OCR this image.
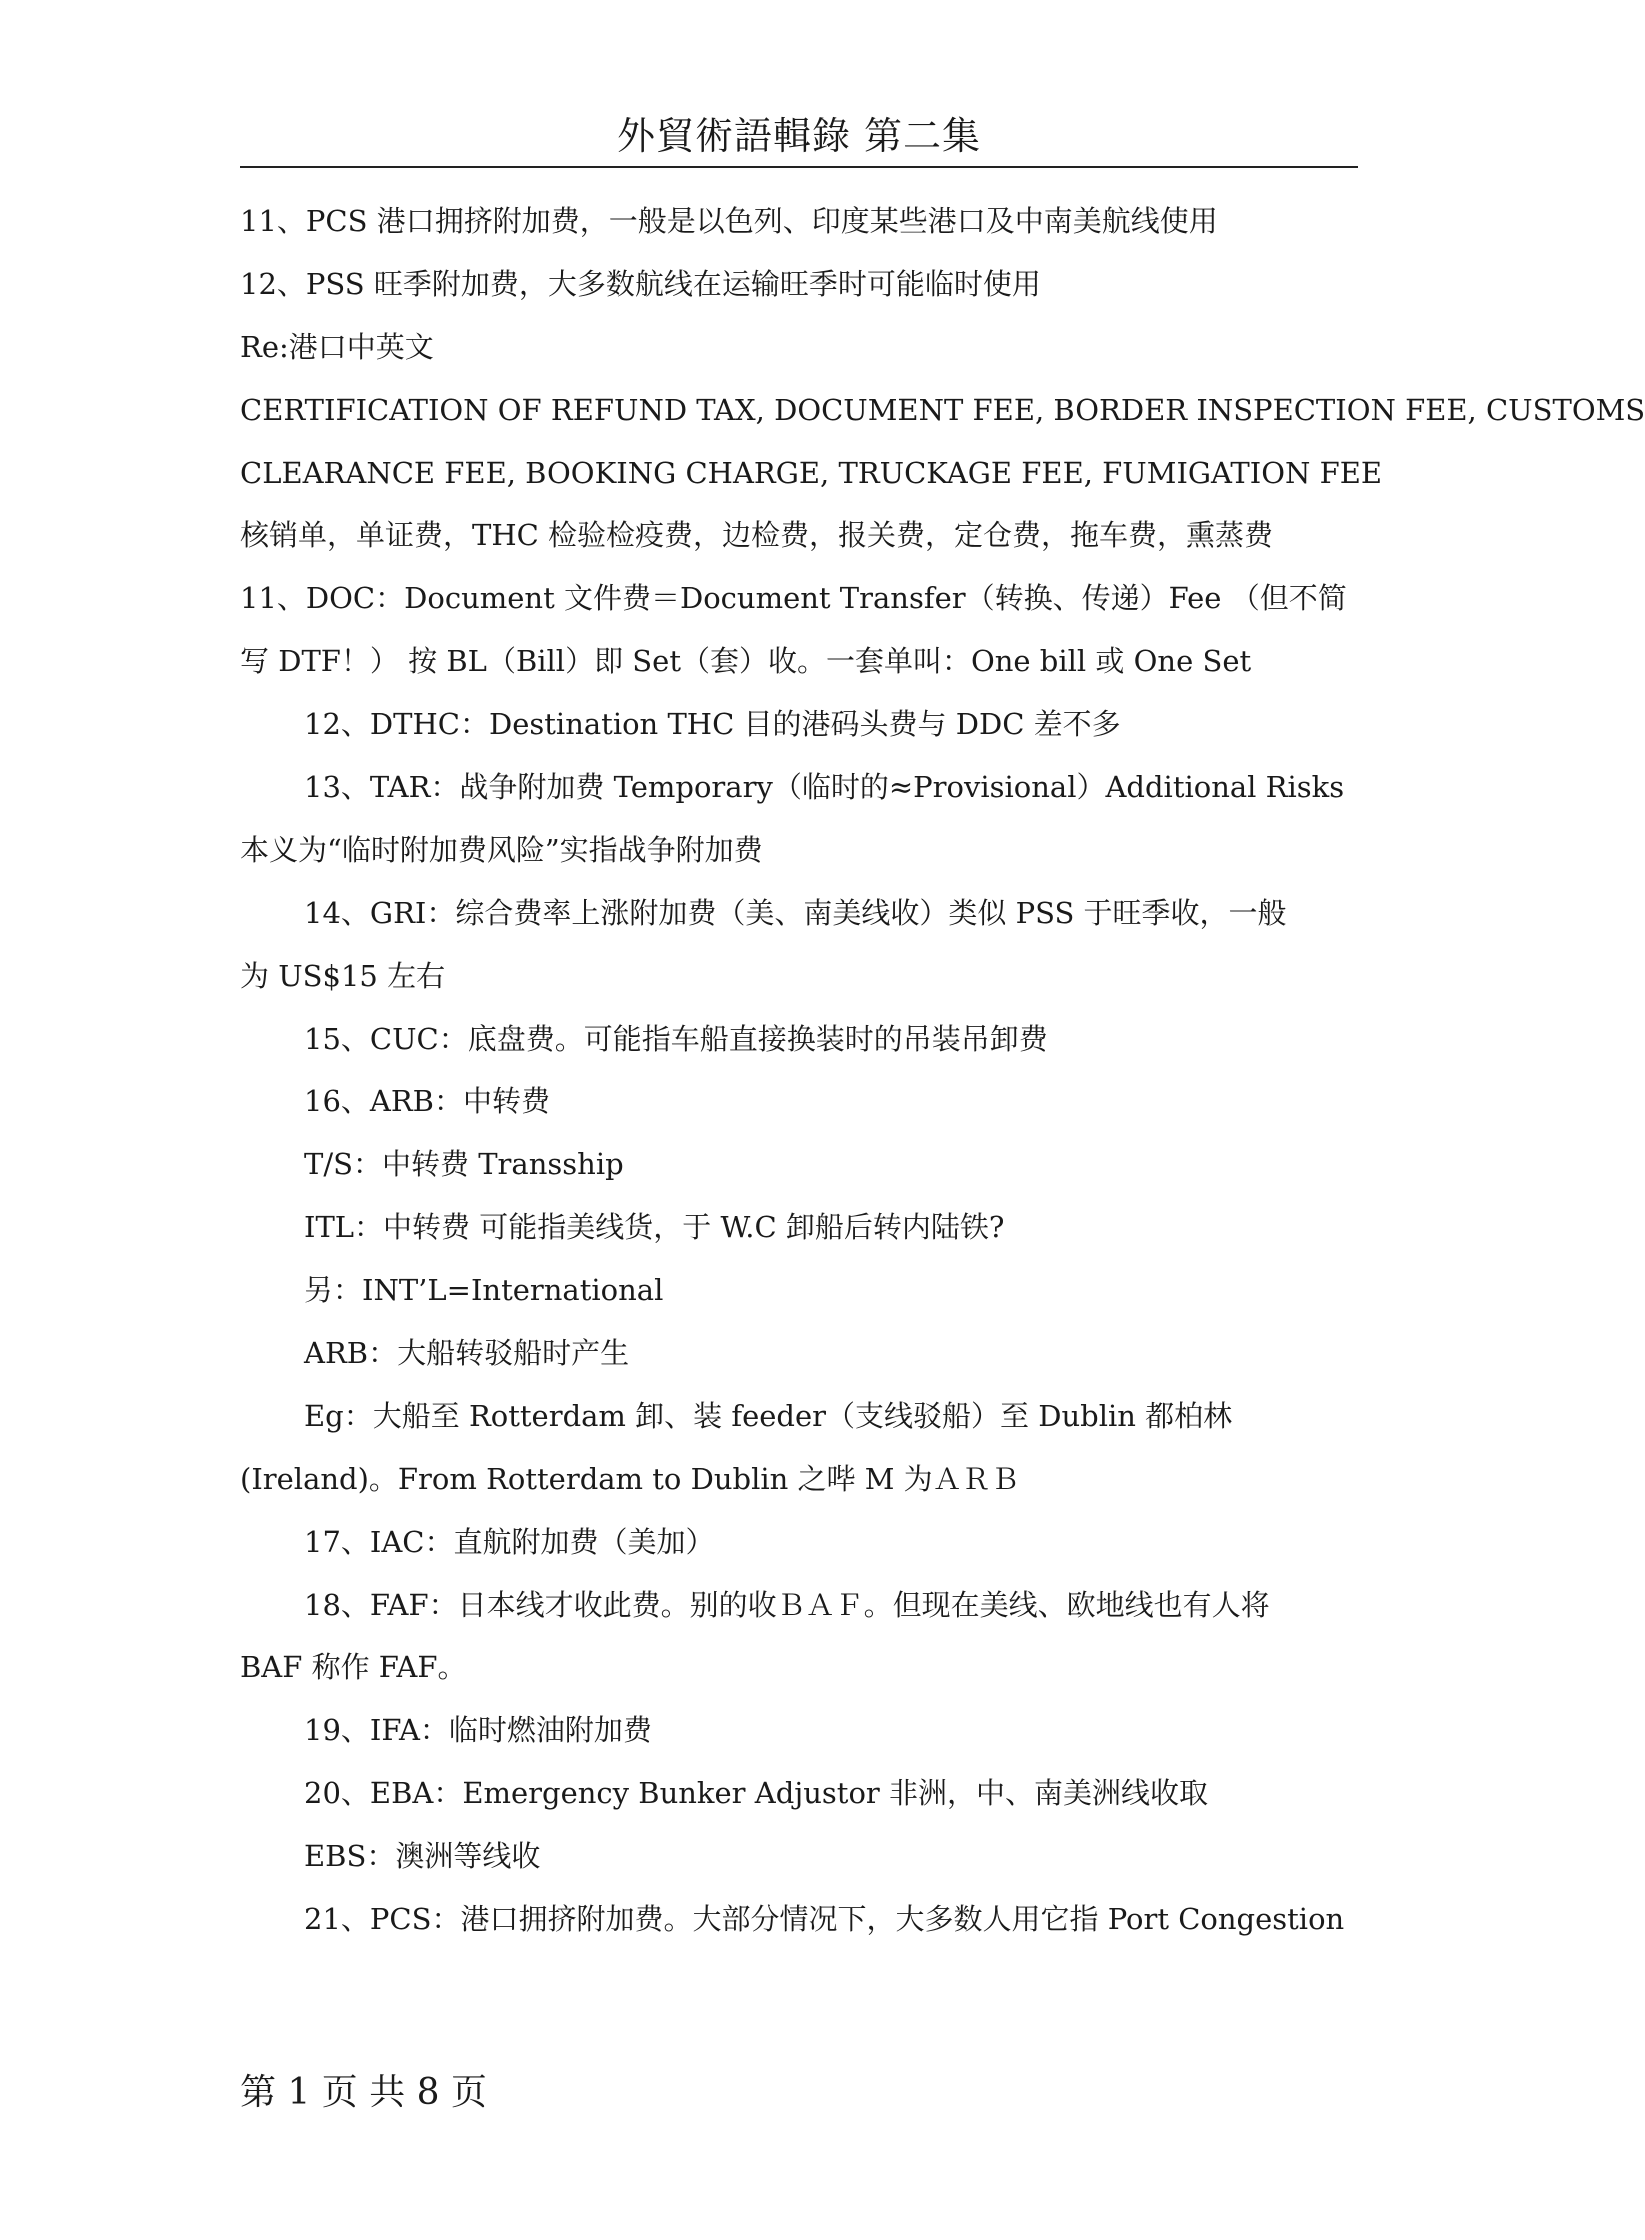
外貿術語輯錄 第二集
11、PCS 港口拥挤附加费，一般是以色列、印度某些港口及中南美航线使用
12、PSS 旺季附加费，大多数航线在运输旺季时可能临时使用
Re:港口中英文
CERTIFICATION OF REFUND TAX, DOCUMENT FEE, BORDER INSPECTION FEE, CUSTOMS
CLEARANCE FEE, BOOKING CHARGE, TRUCKAGE FEE, FUMIGATION FEE
核销单，单证费，THC 检验检疫费，边检费，报关费，定仓费，拖车费，熏蒸费
11、DOC：Document 文件费＝Document Transfer（转换、传递）Fee （但不简
写 DTF！） 按 BL（Bill）即 Set（套）收。一套单叫：One bill 或 One Set
12、DTHC：Destination THC 目的港码头费与 DDC 差不多
13、TAR：战争附加费 Temporary（临时的≈Provisional）Additional Risks
本义为“临时附加费风险”实指战争附加费
14、GRI：综合费率上涨附加费（美、南美线收）类似 PSS 于旺季收，一般
为 US$15 左右
15、CUC：底盘费。可能指车船直接换装时的吊装吊卸费
16、ARB：中转费
T/S：中转费 Transship
ITL：中转费 可能指美线货，于 W.C 卸船后转内陆铁?
另：INT’L=International
ARB：大船转驳船时产生
Eg：大船至 Rotterdam 卸、装 feeder（支线驳船）至 Dublin 都柏林
(Ireland)。From Rotterdam to Dublin 之哔 M 为ＡＲＢ
17、IAC：直航附加费（美加）
18、FAF：日本线才收此费。别的收ＢＡＦ。但现在美线、欧地线也有人将
BAF 称作 FAF。
19、IFA：临时燃油附加费
20、EBA：Emergency Bunker Adjustor 非洲，中、南美洲线收取
EBS：澳洲等线收
21、PCS：港口拥挤附加费。大部分情况下，大多数人用它指 Port Congestion
第 1 页 共 8 页
